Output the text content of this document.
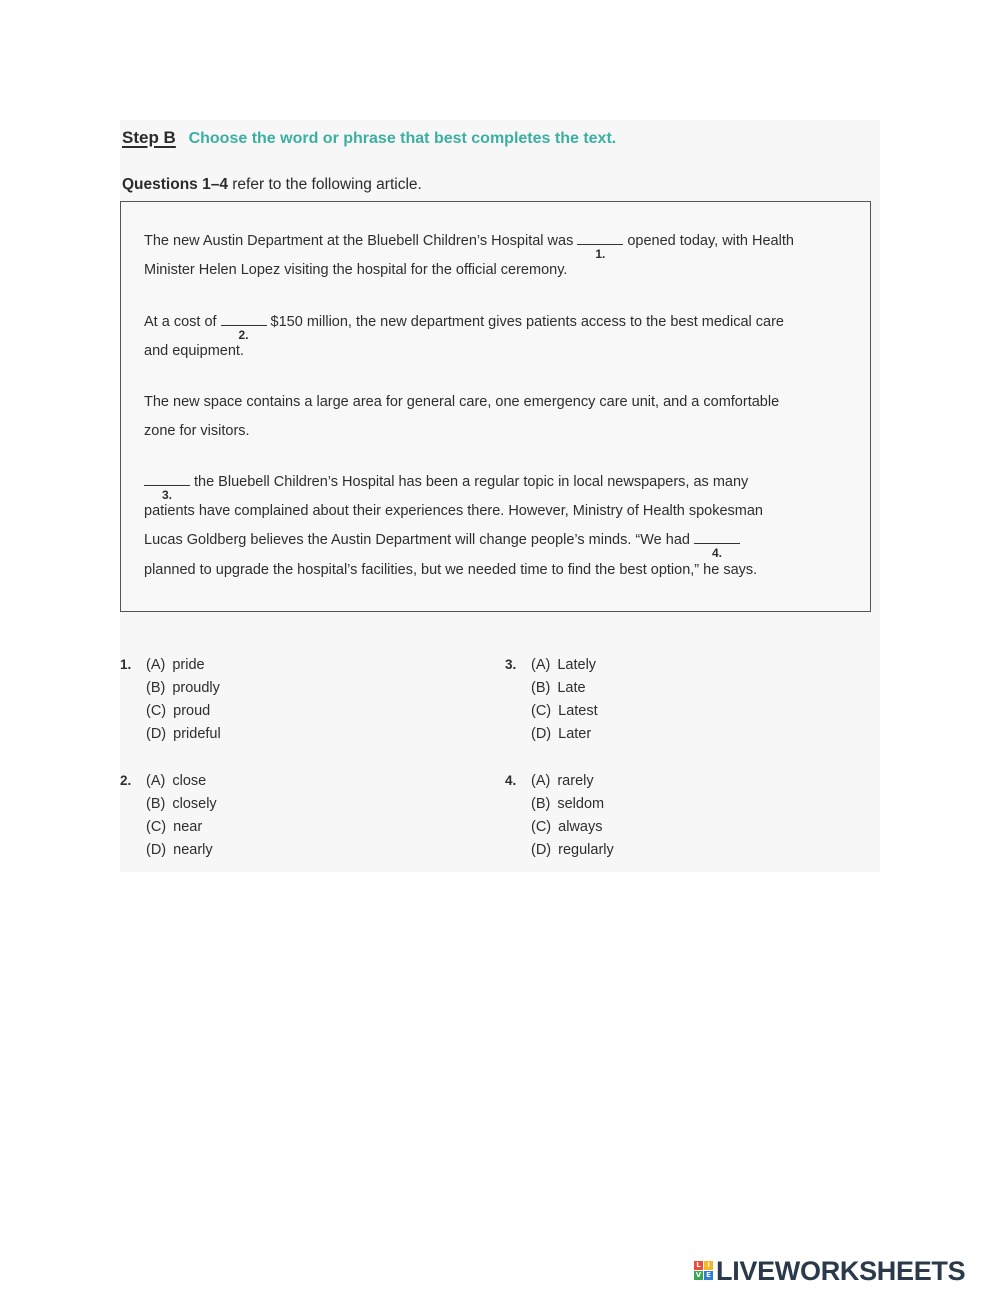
Step B Choose the word or phrase that best completes the text.
Questions 1–4 refer to the following article.
The new Austin Department at the Bluebell Children’s Hospital was
1.
opened today, with Health
Minister Helen Lopez visiting the hospital for the official ceremony.
At a cost of
2.
$150 million, the new department gives patients access to the best medical care
and equipment.
The new space contains a large area for general care, one emergency care unit, and a comfortable
zone for visitors.
3.
the Bluebell Children’s Hospital has been a regular topic in local newspapers, as many
patients have complained about their experiences there. However, Ministry of Health spokesman
Lucas Goldberg believes the Austin Department will change people’s minds. “We had
4.
planned to upgrade the hospital’s facilities, but we needed time to find the best option,” he says.
1. (A) pride
(B) proudly
(C) proud
(D) prideful
2. (A) close
(B) closely
(C) near
(D) nearly
3. (A) Lately
(B) Late
(C) Latest
(D) Later
4. (A) rarely
(B) seldom
(C) always
(D) regularly
L I
V E LIVEWORKSHEETS
